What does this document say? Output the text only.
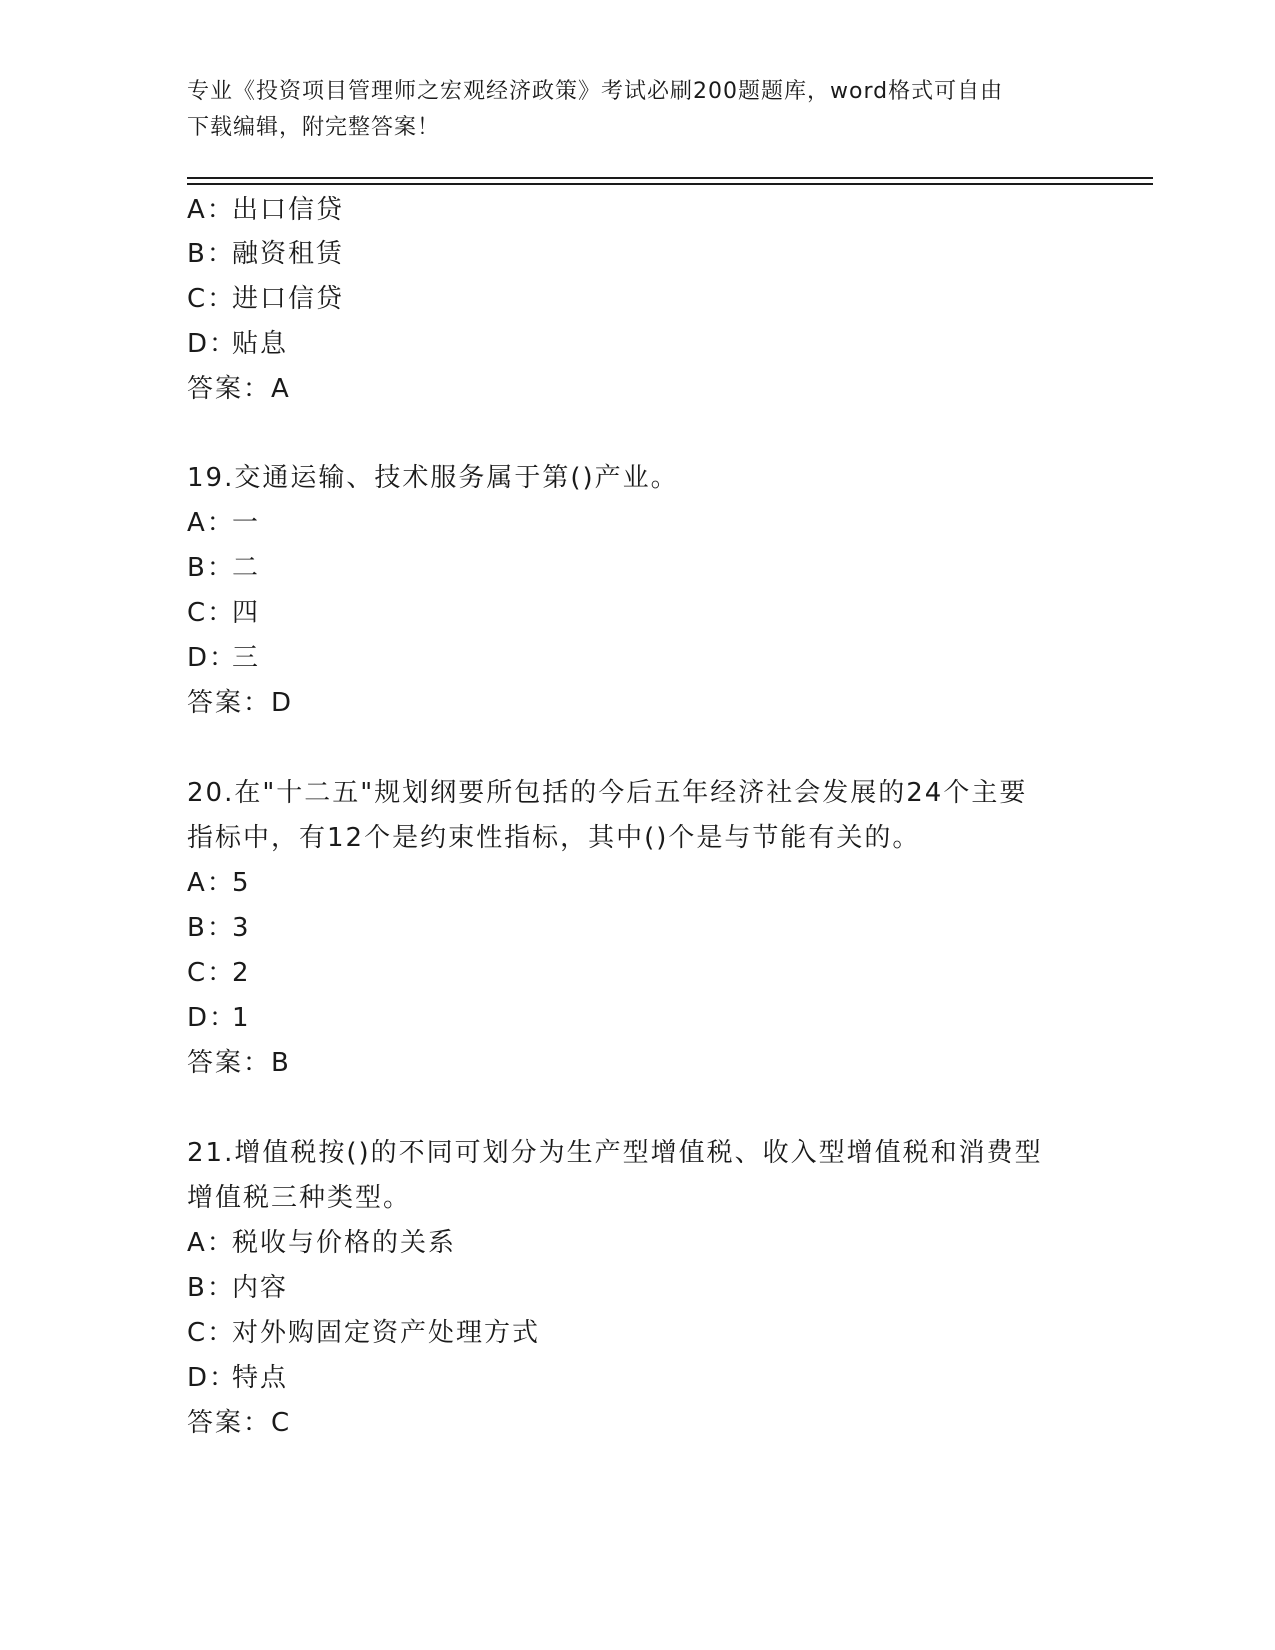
专业《投资项目管理师之宏观经济政策》考试必刷200题题库，word格式可自由
下载编辑，附完整答案！
A：出口信贷
B：融资租赁
C：进口信贷
D：贴息
答案：A
19.交通运输、技术服务属于第()产业。
A：一
B：二
C：四
D：三
答案：D
20.在"十二五"规划纲要所包括的今后五年经济社会发展的24个主要
指标中，有12个是约束性指标，其中()个是与节能有关的。
A：5
B：3
C：2
D：1
答案：B
21.增值税按()的不同可划分为生产型增值税、收入型增值税和消费型
增值税三种类型。
A：税收与价格的关系
B：内容
C：对外购固定资产处理方式
D：特点
答案：C
